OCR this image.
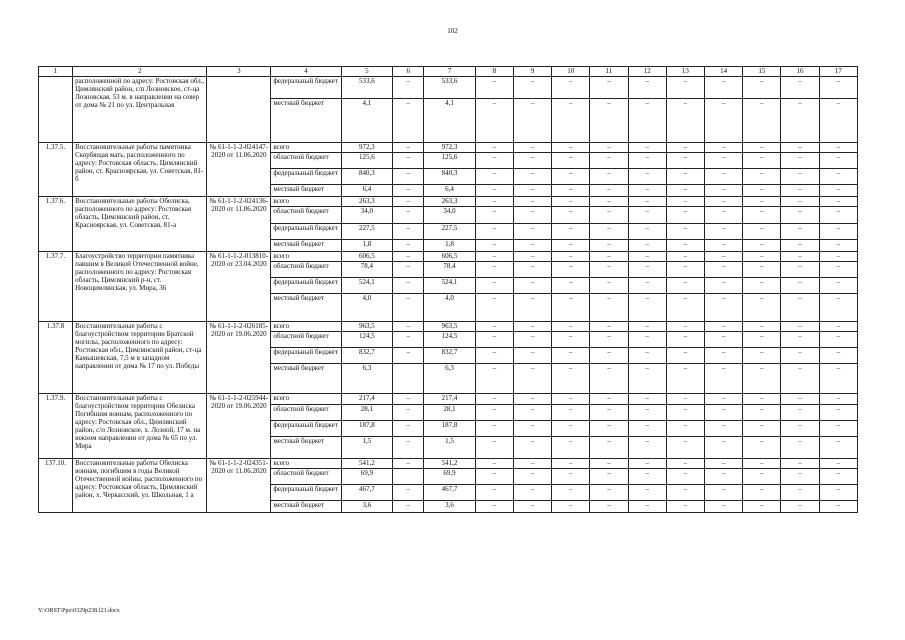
102
1	2	3	4	5	6	7	8	9	10	11	12	13	14	15	16	17
	расположенной по адресу: Ростовская обл., Цимлянский район, с/п Лозновское, ст-ца Лозновская, 53 м. в направлении на север от дома № 21 по ул. Центральная		федеральный бюджет	533,6	–	533,6	–	–	–	–	–	–	–	–	–	–
			местный бюджет	4,1	–	4,1	–	–	–	–	–	–	–	–	–	–
1.37.5.	Восстановительные работы памятника Скорбящая мать, расположенного по адресу: Ростовская область, Цимлянский район, ст. Красноярская, ул. Советская, 81-б	№ 61-1-1-2-024147-2020 от 11.06.2020	всего	972,3	–	972,3	–	–	–	–	–	–	–	–	–	–
			областной бюджет	125,6	–	125,6	–	–	–	–	–	–	–	–	–	–
			федеральный бюджет	840,3	–	840,3	–	–	–	–	–	–	–	–	–	–
			местный бюджет	6,4	–	6,4	–	–	–	–	–	–	–	–	–	–
1.37.6.	Восстановительные работы Обелиска, расположенного по адресу: Ростовская область, Цимлянский район, ст. Красноярская, ул. Советская, 81-а	№ 61-1-1-2-024136-2020 от 11.06.2020	всего	263,3	–	263,3	–	–	–	–	–	–	–	–	–	–
			областной бюджет	34,0	–	34,0	–	–	–	–	–	–	–	–	–	–
			федеральный бюджет	227,5	–	227,5	–	–	–	–	–	–	–	–	–	–
			местный бюджет	1,8	–	1,8	–	–	–	–	–	–	–	–	–	–
1.37.7.	Благоустройство территории памятника павшим в Великой Отечественной войне, расположенного по адресу: Ростовская область, Цимлянский р-н, ст. Новоцимлянская, ул. Мира, 36	№ 61-1-1-2-013810-2020 от 23.04.2020	всего	606,5	–	606,5	–	–	–	–	–	–	–	–	–	–
			областной бюджет	78,4	–	78,4	–	–	–	–	–	–	–	–	–	–
			федеральный бюджет	524,1	–	524,1	–	–	–	–	–	–	–	–	–	–
			местный бюджет	4,0	–	4,0	–	–	–	–	–	–	–	–	–	–
1.37.8	Восстановительные работы с благоустройством территории Братской могилы, расположенного по адресу: Ростовская обл., Цимлянский район, ст-ца Камышевская, 7,5 м в западном направлении от дома № 17 по ул. Победы	№ 61-1-1-2-026185-2020 от 19.06.2020	всего	963,5	–	963,5	–	–	–	–	–	–	–	–	–	–
			областной бюджет	124,5	–	124,5	–	–	–	–	–	–	–	–	–	–
			федеральный бюджет	832,7	–	832,7	–	–	–	–	–	–	–	–	–	–
			местный бюджет	6,3		6,3	–	–	–	–	–	–	–	–	–	–
1.37.9.	Восстановительные работы с благоустройством территории Обелиска Погибшим воинам, расположенного по адресу: Ростовская обл., Цимлянский район, с/п Лозновское, х. Лозной, 17 м. на южном направлении от дома № 65 по ул. Мира	№ 61-1-1-2-025944-2020 от 19.06.2020	всего	217,4	–	217,4	–	–	–	–	–	–	–	–	–	–
			областной бюджет	28,1	–	28,1	–	–	–	–	–	–	–	–	–	–
			федеральный бюджет	187,8	–	187,8	–	–	–	–	–	–	–	–	–	–
			местный бюджет	1,5	–	1,5	–	–	–	–	–	–	–	–	–	–
137.10.	Восстановительные работы Обелиска воинам, погибшим в годы Великой Отечественной войны, расположенного по адресу: Ростовская область, Цимлянский район, х. Черкасский, ул. Школьная, 1 а	№ 61-1-1-2-024351-2020 от 11.06.2020	всего	541,2	–	541,2	–	–	–	–	–	–	–	–	–	–
			областной бюджет	69,9		69,9	–	–	–	–	–	–	–	–	–	–
			федеральный бюджет	467,7	–	467,7	–	–	–	–	–	–	–	–	–	–
			местный бюджет	3,6	–	3,6	–	–	–	–	–	–	–	–	–	–
Y:\ORST\Ppo\0329p238.f21.docx
